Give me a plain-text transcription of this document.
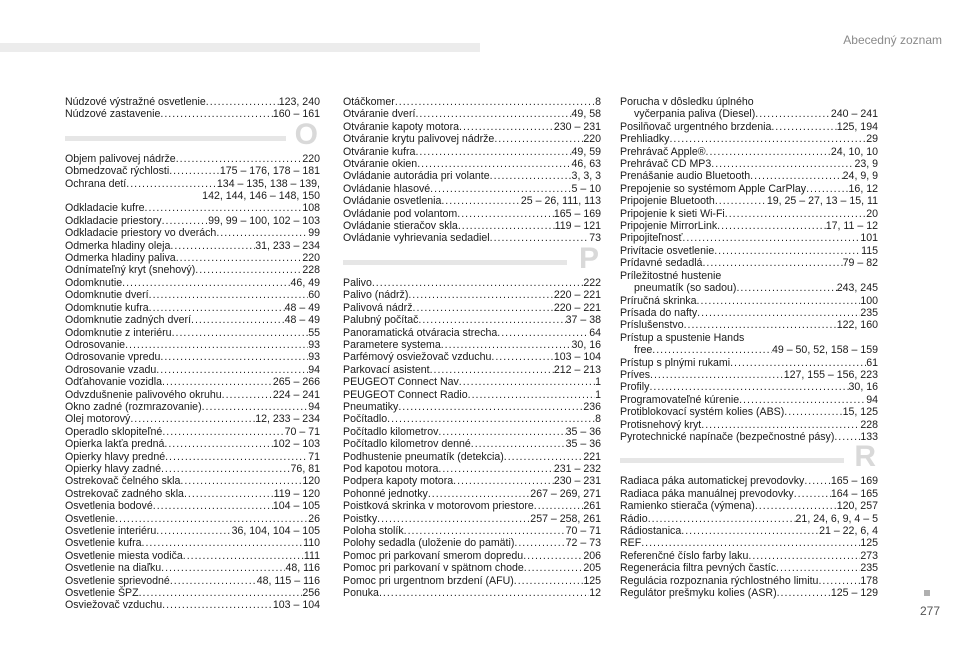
Abecedný zoznam
Núdzové výstražné osvetlenie .....	123, 240
Núdzové zastavenie .....	160 – 161
O
Objem palivovej nádrže .....	220
Obmedzovač rýchlosti .....	175 – 176, 178 – 181
Ochrana detí .....	134 – 135, 138 – 139,
142, 144, 146 – 148, 150
Odkladacie kufre .....	108
Odkladacie priestory .....	99, 99 – 100, 102 – 103
Odkladacie priestory vo dverách .....	99
Odmerka hladiny oleja .....	31, 233 – 234
Odmerka hladiny paliva .....	220
Odnímateľný kryt (snehový) .....	228
Odomknutie .....	46, 49
Odomknutie dverí .....	60
Odomknutie kufra .....	48 – 49
Odomknutie zadných dverí .....	48 – 49
Odomknutie z interiéru .....	55
Odrosovanie .....	93
Odrosovanie vpredu .....	93
Odrosovanie vzadu .....	94
Odťahovanie vozidla .....	265 – 266
Odvzdušnenie palivového okruhu .....	224 – 241
Okno zadné (rozmrazovanie) .....	94
Olej motorový .....	12, 233 – 234
Operadlo sklopiteľné .....	70 – 71
Opierka lakťa predná .....	102 – 103
Opierky hlavy predné .....	71
Opierky hlavy zadné .....	76, 81
Ostrekovač čelného skla .....	120
Ostrekovač zadného skla .....	119 – 120
Osvetlenia bodové .....	104 – 105
Osvetlenie .....	26
Osvetlenie interiéru .....	36, 104, 104 – 105
Osvetlenie kufra .....	110
Osvetlenie miesta vodiča .....	111
Osvetlenie na diaľku .....	48, 116
Osvetlenie sprievodné .....	48, 115 – 116
Osvetlenie ŠPZ .....	256
Osviežovač vzduchu .....	103 – 104
Otáčkomer .....	8
Otváranie dverí .....	49, 58
Otváranie kapoty motora .....	230 – 231
Otváranie krytu palivovej nádrže .....	220
Otváranie kufra .....	49, 59
Otváranie okien .....	46, 63
Ovládanie autorádia pri volante .....	3, 3, 3
Ovládanie hlasové .....	5 – 10
Ovládanie osvetlenia .....	25 – 26, 111, 113
Ovládanie pod volantom .....	165 – 169
Ovládanie stieračov skla .....	119 – 121
Ovládanie vyhrievania sedadiel .....	73
P
Palivo .....	222
Palivo (nádrž) .....	220 – 221
Palivová nádrž .....	220 – 221
Palubný počítač .....	37 – 38
Panoramatická otváracia strecha .....	64
Parametere systema .....	30, 16
Parfémový osviežovač vzduchu .....	103 – 104
Parkovací asistent .....	212 – 213
PEUGEOT Connect Nav .....	1
PEUGEOT Connect Radio .....	1
Pneumatiky .....	236
Počítadlo .....	8
Počítadlo kilometrov .....	35 – 36
Počítadlo kilometrov denné .....	35 – 36
Podhustenie pneumatík (detekcia) .....	221
Pod kapotou motora .....	231 – 232
Podpera kapoty motora .....	230 – 231
Pohonné jednotky .....	267 – 269, 271
Poistková skrinka v motorovom priestore .....	261
Poistky .....	257 – 258, 261
Poloha stolík .....	70 – 71
Polohy sedadla (uloženie do pamäti) .....	72 – 73
Pomoc pri parkovaní smerom dopredu .....	206
Pomoc pri parkovaní v spätnom chode .....	205
Pomoc pri urgentnom brzdení (AFU) .....	125
Ponuka .....	12
Porucha v dôsledku úplného
vyčerpania paliva (Diesel) .....	240 – 241
Posilňovač urgentného brzdenia .....	125, 194
Prehliadky .....	29
Prehrávač Apple® .....	24, 10, 10
Prehrávač CD MP3 .....	23, 9
Prenášanie audio Bluetooth .....	24, 9, 9
Prepojenie so systémom Apple CarPlay .....	16, 12
Pripojenie Bluetooth .....	19, 25 – 27, 13 – 15, 11
Pripojenie k sieti Wi-Fi .....	20
Pripojenie MirrorLink .....	17, 11 – 12
Pripojiteľnosť .....	101
Privítacie osvetlenie .....	115
Prídavné sedadlá .....	79 – 82
Príležitostné hustenie
pneumatík (so sadou) .....	243, 245
Príručná skrinka .....	100
Prísada do nafty .....	235
Príslušenstvo .....	122, 160
Prístup a spustenie Hands
free .....	49 – 50, 52, 158 – 159
Prístup s plnými rukami .....	61
Príves .....	127, 155 – 156, 223
Profily .....	30, 16
Programovateľné kúrenie .....	94
Protiblokovací systém kolies (ABS) .....	15, 125
Protisnehový kryt .....	228
Pyrotechnické napínače (bezpečnostné pásy) ..... 133
R
Radiaca páka automatickej prevodovky .....	165 – 169
Radiaca páka manuálnej prevodovky .....	164 – 165
Ramienko stierača (výmena) .....	120, 257
Rádio .....	21, 24, 6, 9, 4 – 5
Rádiostanica .....	21 – 22, 6, 4
REF .....	125
Referenčné číslo farby laku .....	273
Regenerácia filtra pevných častíc .....	235
Regulácia rozpoznania rýchlostného limitu .....	178
Regulátor prešmyku kolies (ASR) .....	125 – 129
277
